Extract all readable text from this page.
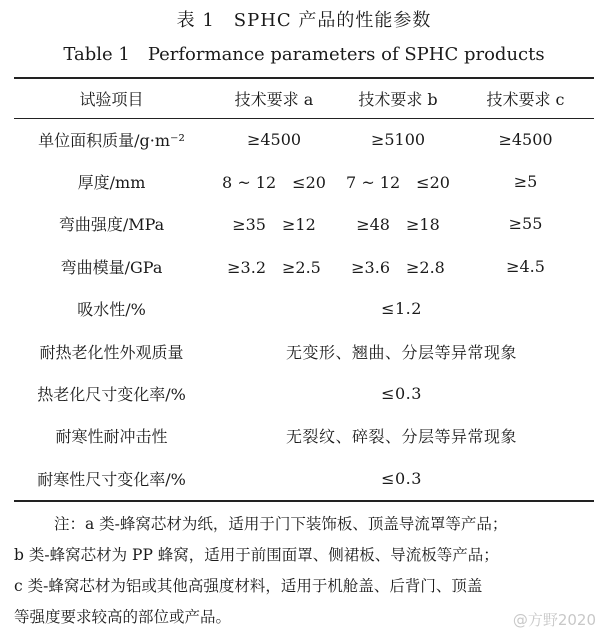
表 1　SPHC 产品的性能参数
Table 1　Performance parameters of SPHC products
试验项目	技术要求 a	技术要求 b	技术要求 c
单位面积质量/g·m⁻²	≥4500	≥5100	≥4500
厚度/mm	8 ~ 12　≤20	7 ~ 12　≤20	≥5
弯曲强度/MPa	≥35　≥12	≥48　≥18	≥55
弯曲模量/GPa	≥3.2　≥2.5	≥3.6　≥2.8	≥4.5
吸水性/%	≤1.2		
耐热老化性外观质量	无变形、翘曲、分层等异常现象		
热老化尺寸变化率/%	≤0.3		
耐寒性耐冲击性	无裂纹、碎裂、分层等异常现象		
耐寒性尺寸变化率/%	≤0.3		
注：a 类-蜂窝芯材为纸，适用于门下装饰板、顶盖导流罩等产品；
b 类-蜂窝芯材为 PP 蜂窝，适用于前围面罩、侧裙板、导流板等产品；
c 类-蜂窝芯材为铝或其他高强度材料，适用于机舱盖、后背门、顶盖
等强度要求较高的部位或产品。	@方野2020
